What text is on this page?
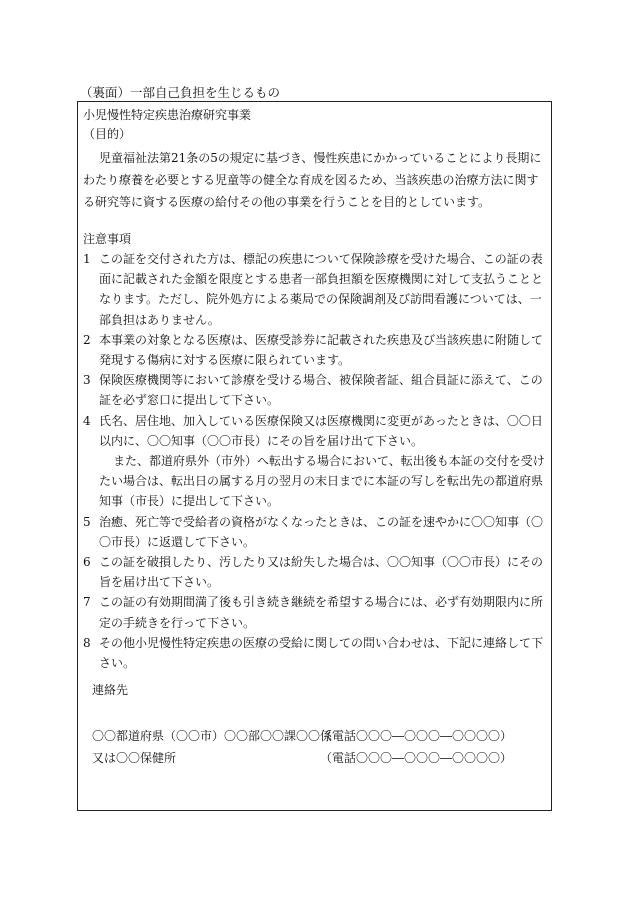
（裏面）一部自己負担を生じるもの
小児慢性特定疾患治療研究事業
（目的）
児童福祉法第21条の5の規定に基づき、慢性疾患にかかっていることにより長期にわたり療養を必要とする児童等の健全な育成を図るため、当該疾患の治療方法に関する研究等に資する医療の給付その他の事業を行うことを目的としています。
注意事項
1 この証を交付された方は、標記の疾患について保険診療を受けた場合、この証の表面に記載された金額を限度とする患者一部負担額を医療機関に対して支払うこととなります。ただし、院外処方による薬局での保険調剤及び訪問看護については、一部負担はありません。
2 本事業の対象となる医療は、医療受診券に記載された疾患及び当該疾患に附随して発現する傷病に対する医療に限られています。
3 保険医療機関等において診療を受ける場合、被保険者証、組合員証に添えて、この証を必ず窓口に提出して下さい。
4 氏名、居住地、加入している医療保険又は医療機関に変更があったときは、〇〇日以内に、〇〇知事（〇〇市長）にその旨を届け出て下さい。
また、都道府県外（市外）へ転出する場合において、転出後も本証の交付を受けたい場合は、転出日の属する月の翌月の末日までに本証の写しを転出先の都道府県知事（市長）に提出して下さい。
5 治癒、死亡等で受給者の資格がなくなったときは、この証を速やかに〇〇知事（〇〇市長）に返還して下さい。
6 この証を破損したり、汚したり又は紛失した場合は、〇〇知事（〇〇市長）にその旨を届け出て下さい。
7 この証の有効期間満了後も引き続き継続を希望する場合には、必ず有効期限内に所定の手続きを行って下さい。
8 その他小児慢性特定疾患の医療の受給に関しての問い合わせは、下記に連絡して下さい。
連絡先
〇〇都道府県（〇〇市）〇〇部〇〇課〇〇係
（電話〇〇〇―〇〇〇―〇〇〇〇）
又は〇〇保健所	（電話〇〇〇―〇〇〇―〇〇〇〇）
